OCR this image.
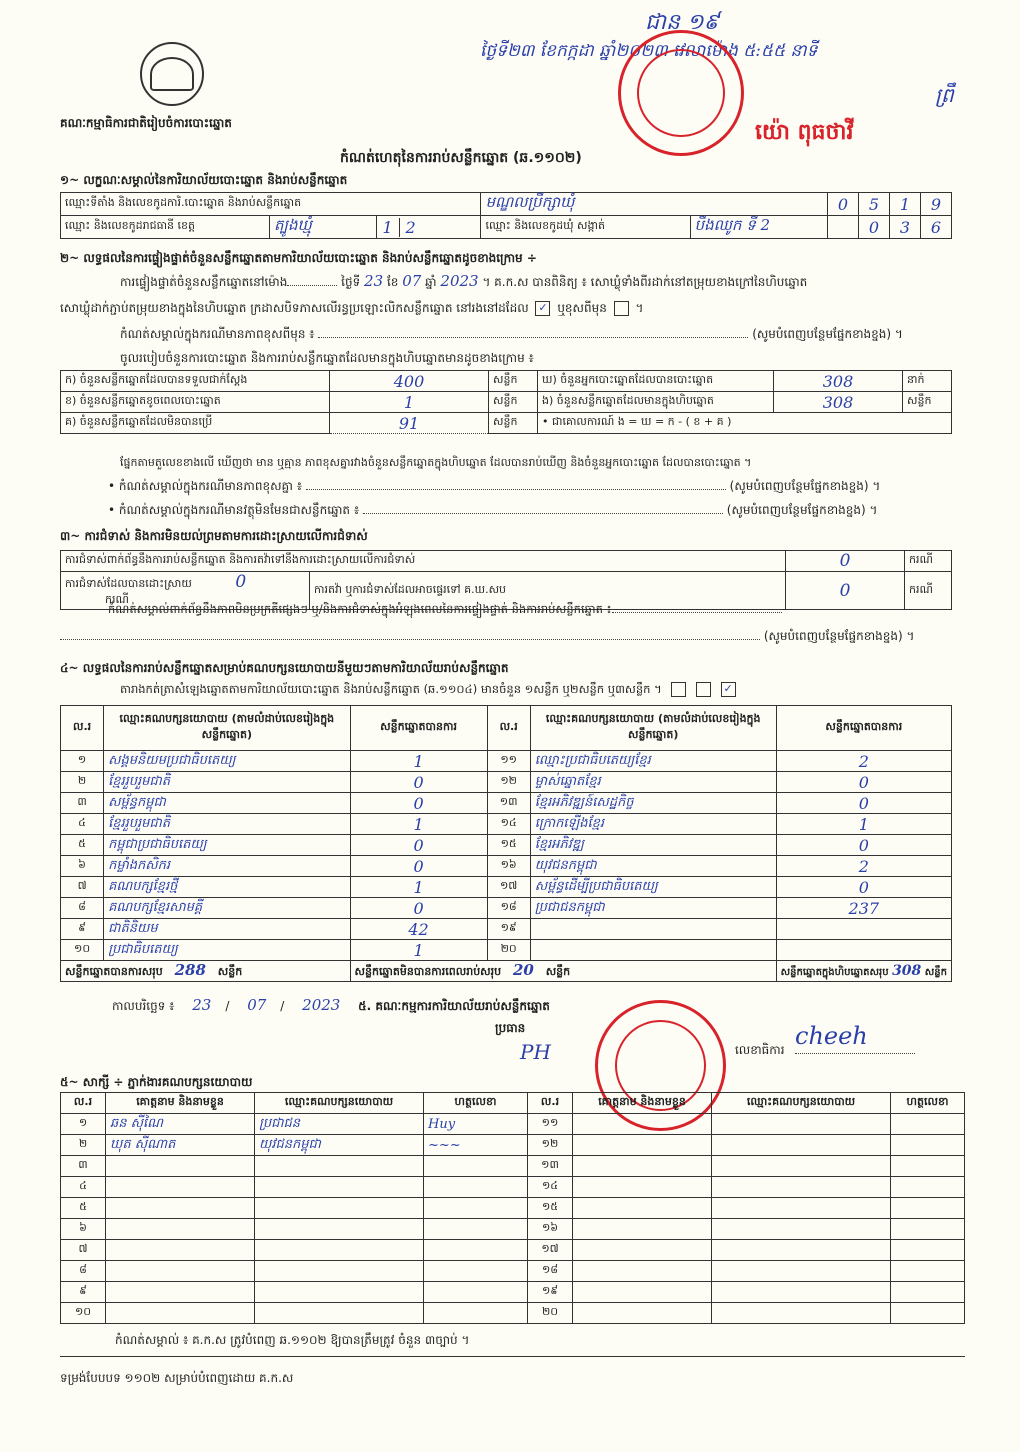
ជាន ១៩
ថ្ងៃទី២៣ ខែកក្កដា ឆ្នាំ២០២៣ វេលាម៉ោង ៥:៥៥ នាទី
ព្រឹ
គណៈកម្មាធិការជាតិរៀបចំការបោះឆ្នោត	យ៉ោ ពុធថាវី
កំណត់ហេតុនៃការរាប់សន្លឹកឆ្នោត (ឆ.១១០២)
១~ លក្ខណៈសម្គាល់នៃការិយាល័យបោះឆ្នោត និងរាប់សន្លឹកឆ្នោត
ឈ្មោះទីតាំង និងលេខកូដការិ.បោះឆ្នោត និងរាប់សន្លឹកឆ្នោត			មណ្ឌលប្រឹក្សាឃុំ		0	5	1	9
ឈ្មោះ និងលេខកូដរាជធានី ខេត្ត	ត្បូងឃ្មុំ	1 2	ឈ្មោះ និងលេខកូដឃុំ សង្កាត់	បឹងឈូក ទី 2		0	3	6
២~ លទ្ធផលនៃការផ្ទៀងផ្ទាត់ចំនួនសន្លឹកឆ្នោតតាមការិយាល័យបោះឆ្នោត និងរាប់សន្លឹកឆ្នោតដូចខាងក្រោម ÷
ការផ្ទៀងផ្ទាត់ចំនួនសន្លឹកឆ្នោតនៅម៉ោង	ថ្ងៃទី 23 ខែ 07 ឆ្នាំ 2023 ។ គ.ក.ស បានពិនិត្យ ៖ សោឃ្លុំទាំងពីរដាក់នៅតម្រុយខាងក្រៅនៃហិបឆ្នោត
សោឃ្លុំដាក់ភ្ជាប់តម្រុយខាងក្នុងនៃហិបឆ្នោត ក្រដាសបិទភាសលើរន្ធប្រឡោះលិកសន្លឹកឆ្នោត នៅរងនៅដដែល ✓ ឬខុសពីមុន  ។
កំណត់សម្គាល់ក្នុងករណីមានភាពខុសពីមុន ៖	(សូមបំពេញបន្ថែមផ្នែកខាងខ្នង) ។
ចូលរបៀបចំនួនការបោះឆ្នោត និងការរាប់សន្លឹកឆ្នោតដែលមានក្នុងហិបឆ្នោតមានដូចខាងក្រោម ៖
ក) ចំនួនសន្លឹកឆ្នោតដែលបានទទួលជាក់ស្តែង	400	សន្លឹក	ឃ) ចំនួនអ្នកបោះឆ្នោតដែលបានបោះឆ្នោត	308	នាក់
ខ) ចំនួនសន្លឹកឆ្នោតខូចពេលបោះឆ្នោត	1	សន្លឹក	ង) ចំនួនសន្លឹកឆ្នោតដែលមានក្នុងហិបឆ្នោត	308	សន្លឹក
គ) ចំនួនសន្លឹកឆ្នោតដែលមិនបានប្រើ	91	សន្លឹក	• ជាគោលការណ៍ ង = ឃ = ក - ( ខ + គ )		
ផ្នែកតាមតួលេខខាងលើ ឃើញថា មាន ឬគ្មាន ភាពខុសគ្នារវាងចំនួនសន្លឹកឆ្នោតក្នុងហិបឆ្នោត ដែលបានរាប់ឃើញ និងចំនួនអ្នកបោះឆ្នោត ដែលបានបោះឆ្នោត ។
• កំណត់សម្គាល់ក្នុងករណីមានភាពខុសគ្នា ៖	(សូមបំពេញបន្ថែមផ្នែកខាងខ្នង) ។
• កំណត់សម្គាល់ក្នុងករណីមានវត្ថុមិនមែនជាសន្លឹកឆ្នោត ៖	(សូមបំពេញបន្ថែមផ្នែកខាងខ្នង) ។
៣~ ការជំទាស់ និងការមិនយល់ព្រមតាមការដោះស្រាយលើការជំទាស់
ការជំទាស់ពាក់ព័ន្ធនឹងការរាប់សន្លឹកឆ្នោត និងការតវ៉ាទៅនឹងការដោះស្រាយលើការជំទាស់		0	ករណី
ការជំទាស់ដែលបានដោះស្រាយ 0 ករណី	ការតវ៉ា ឬការជំទាស់ដែលអាចផ្ទេរទៅ គ.ឃ.សប	0	ករណី
កំណត់សម្គាល់ពាក់ព័ន្ធនឹងភាពមិនប្រក្រតីផ្សេងៗ ឬ/និងការជំទាស់ក្នុងអំឡុងពេលនៃការផ្ទៀងផ្ទាត់ និងការរាប់សន្លឹកឆ្នោត ៖
(សូមបំពេញបន្ថែមផ្នែកខាងខ្នង) ។
៤~ លទ្ធផលនៃការរាប់សន្លឹកឆ្នោតសម្រាប់គណបក្សនយោបាយនីមួយៗតាមការិយាល័យរាប់សន្លឹកឆ្នោត
តារាងកត់ត្រាសំឡេងឆ្នោតតាមការិយាល័យបោះឆ្នោត និងរាប់សន្លឹកឆ្នោត (ឆ.១១០៤) មានចំនួន ១សន្លឹក ឬ២សន្លឹក ឬ៣សន្លឹក ។	✓
ល.រ	ឈ្មោះគណបក្សនយោបាយ (តាមលំដាប់លេខរៀងក្នុងសន្លឹកឆ្នោត)	សន្លឹកឆ្នោតបានការ	ល.រ	ឈ្មោះគណបក្សនយោបាយ (តាមលំដាប់លេខរៀងក្នុងសន្លឹកឆ្នោត)	សន្លឹកឆ្នោតបានការ
១	សង្គមនិយមប្រជាធិបតេយ្យ	1	១១	ឈ្មោះប្រជាធិបតេយ្យខ្មែរ	2
២	ខ្មែររួបរួមជាតិ	0	១២	ម្ចាស់ឆ្នោតខ្មែរ	0
៣	សម្ព័ន្ធកម្ពុជា	0	១៣	ខ្មែរអភិវឌ្ឍន៍សេដ្ឋកិច្ច	0
៤	ខ្មែររួបរួមជាតិ	1	១៤	ក្រោកឡើងខ្មែរ	1
៥	កម្ពុជាប្រជាធិបតេយ្យ	0	១៥	ខ្មែរអភិវឌ្ឍ	0
៦	កម្លាំងកសិករ	0	១៦	យុវជនកម្ពុជា	2
៧	គណបក្សខ្មែរថ្មី	1	១៧	សម្ព័ន្ធដើម្បីប្រជាធិបតេយ្យ	0
៨	គណបក្សខ្មែរសាមគ្គី	0	១៨	ប្រជាជនកម្ពុជា	237
៩	ជាតិនិយម	42	១៩		
១០	ប្រជាធិបតេយ្យ	1	២០		
សន្លឹកឆ្នោតបានការសរុប 288 សន្លឹក		សន្លឹកឆ្នោតមិនបានការពេលរាប់សរុប 20 សន្លឹក			សន្លឹកឆ្នោតក្នុងហិបឆ្នោតសរុប 308 សន្លឹក
កាលបរិច្ឆេទ ៖ 23 / 07 / 2023 ៥. គណៈកម្មការការិយាល័យរាប់សន្លឹកឆ្នោត
ប្រធាន
PH	លេខាធិការ cheeh
៥~ សាក្សី ÷ ភ្នាក់ងារគណបក្សនយោបាយ
ល.រ	គោត្តនាម និងនាមខ្លួន	ឈ្មោះគណបក្សនយោបាយ	ហត្ថលេខា	ល.រ	គោត្តនាម និងនាមខ្លួន	ឈ្មោះគណបក្សនយោបាយ	ហត្ថលេខា
១	ឆន ស៊ីណៃ	ប្រជាជន	Huy	១១			
២	ឃុត ស៊ីណាត	យុវជនកម្ពុជា	~~~	១២			
៣				១៣			
៤				១៤			
៥				១៥			
៦				១៦			
៧				១៧			
៨				១៨			
៩				១៩			
១០				២០			
កំណត់សម្គាល់ ៖ គ.ក.ស ត្រូវបំពេញ ឆ.១១០២ ឱ្យបានត្រឹមត្រូវ ចំនួន ៣ច្បាប់ ។
ទម្រង់បែបបទ ១១០២ សម្រាប់បំពេញដោយ គ.ក.ស
